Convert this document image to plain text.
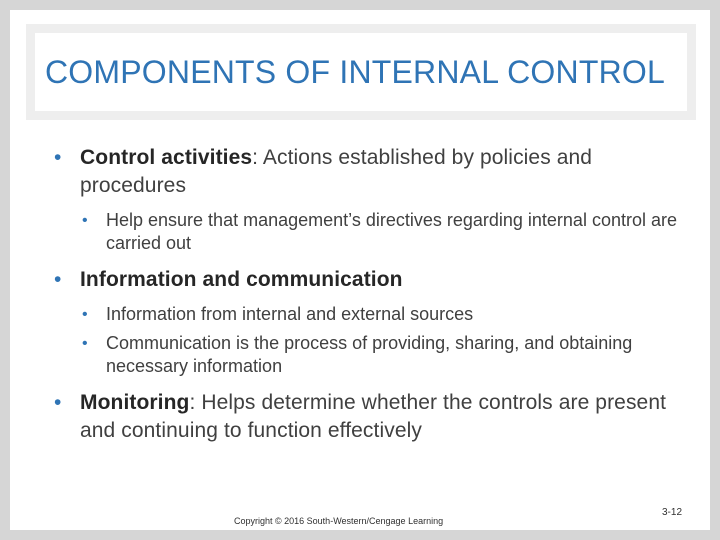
COMPONENTS OF INTERNAL CONTROL

• Control activities: Actions established by policies and procedures

• Help ensure that management’s directives regarding internal control are carried out

• Information and communication

• Information from internal and external sources

• Communication is the process of providing, sharing, and obtaining necessary information

• Monitoring: Helps determine whether the controls are present and continuing to function effectively

Copyright © 2016 South-Western/Cengage Learning
3-12
